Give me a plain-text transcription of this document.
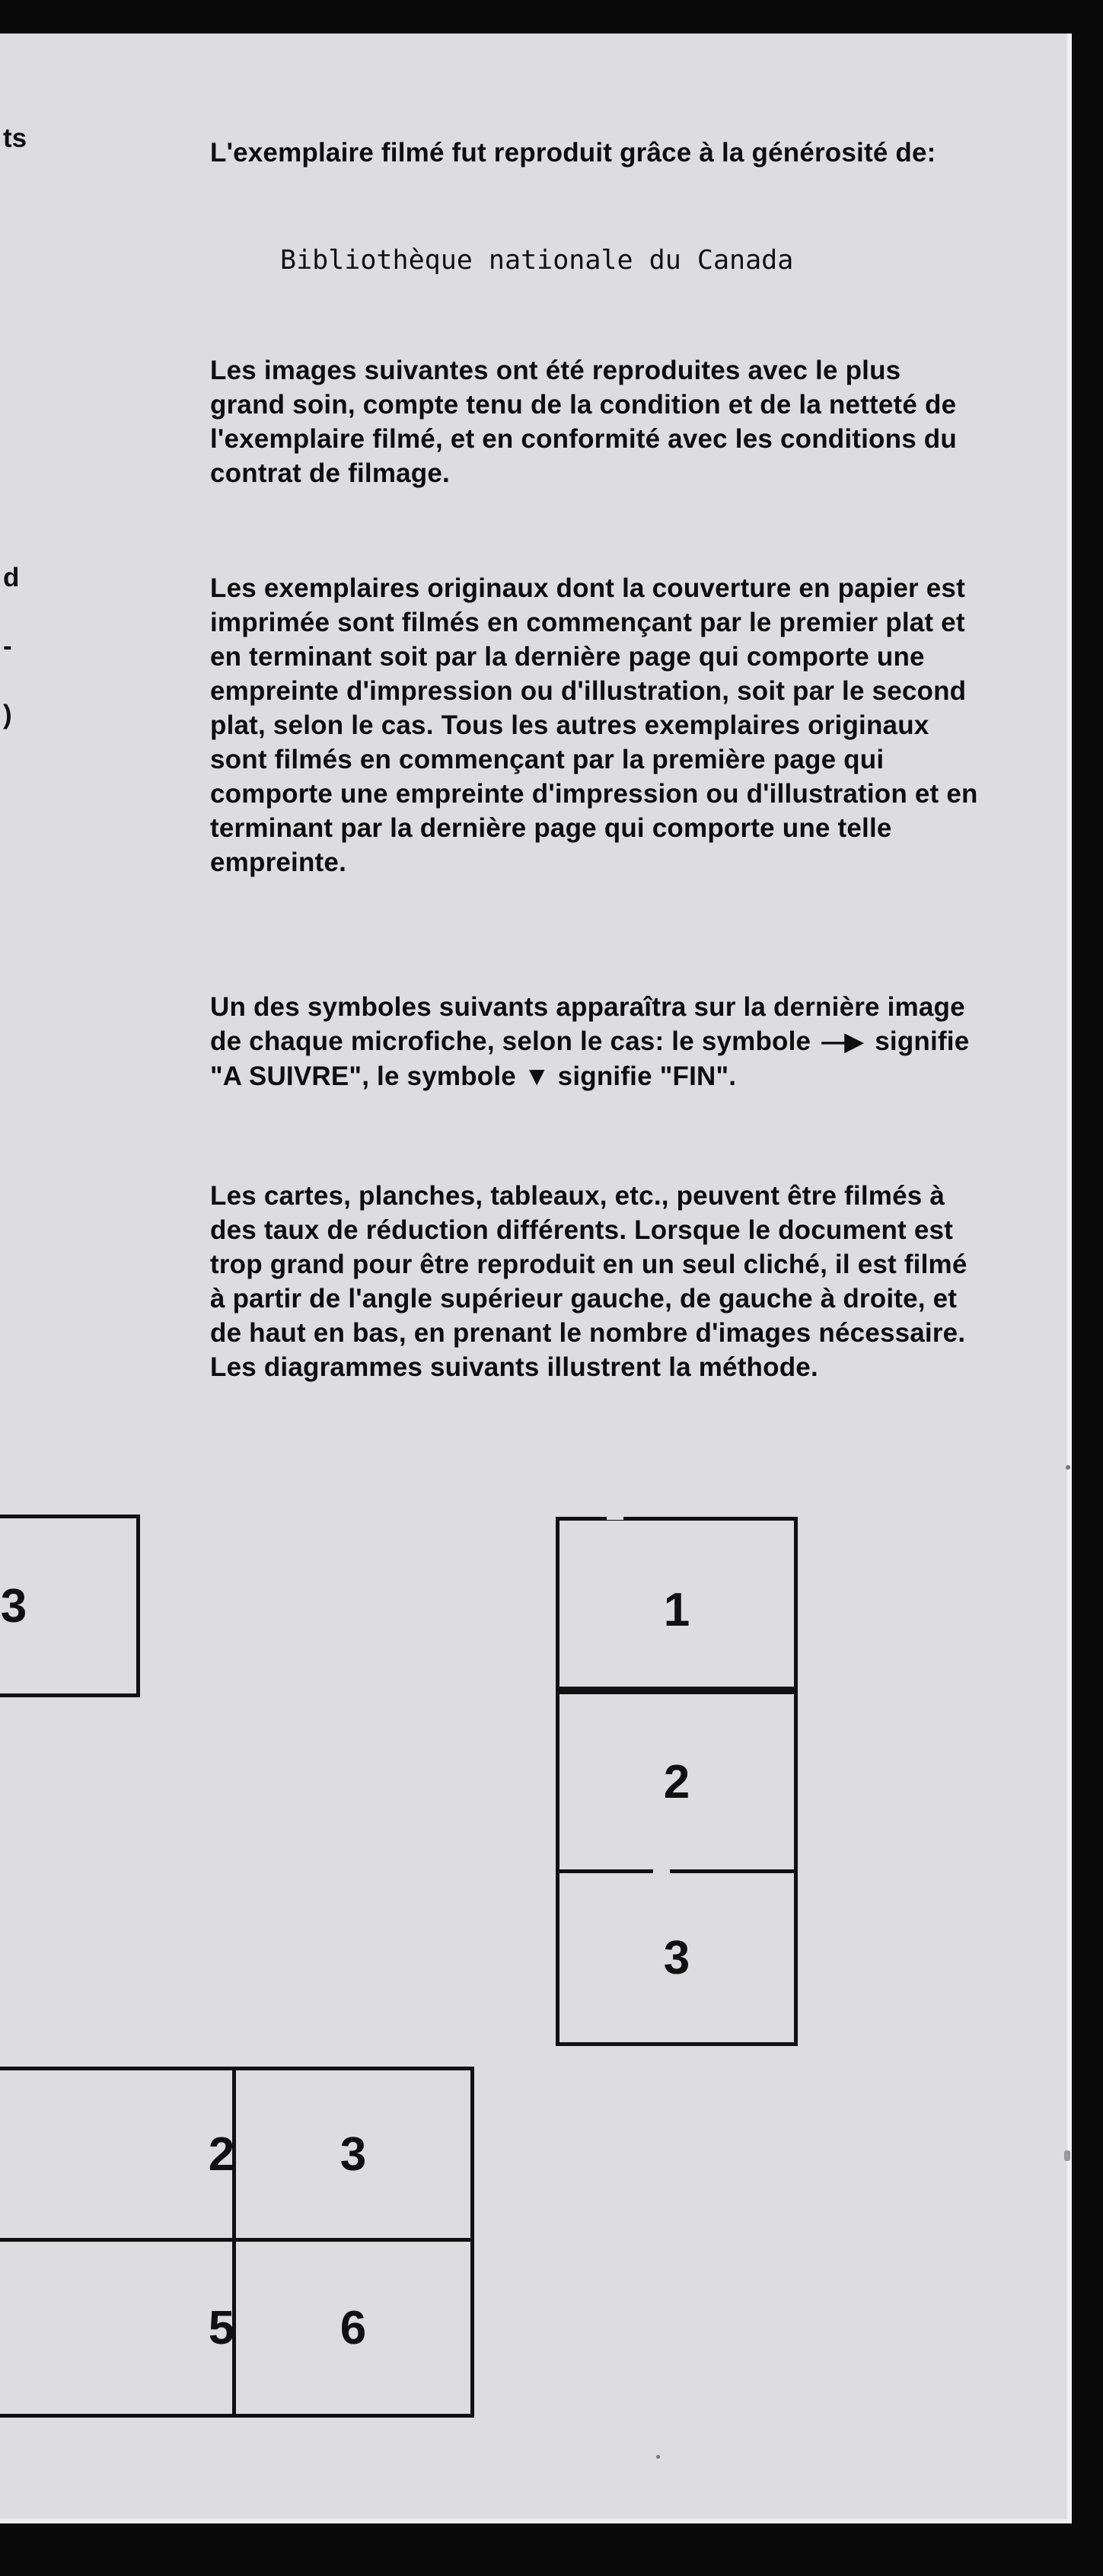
ts
d
-
)
L'exemplaire filmé fut reproduit grâce à la générosité de:
Bibliothèque nationale du Canada
Les images suivantes ont été reproduites avec le plus grand soin, compte tenu de la condition et de la netteté de l'exemplaire filmé, et en conformité avec les conditions du contrat de filmage.
Les exemplaires originaux dont la couverture en papier est imprimée sont filmés en commençant par le premier plat et en terminant soit par la dernière page qui comporte une empreinte d'impression ou d'illustration, soit par le second plat, selon le cas. Tous les autres exemplaires originaux sont filmés en commençant par la première page qui comporte une empreinte d'impression ou d'illustration et en terminant par la dernière page qui comporte une telle empreinte.
Un des symboles suivants apparaîtra sur la dernière image de chaque microfiche, selon le cas: le symbole —▶ signifie "A SUIVRE", le symbole ▼ signifie "FIN".
Les cartes, planches, tableaux, etc., peuvent être filmés à des taux de réduction différents. Lorsque le document est trop grand pour être reproduit en un seul cliché, il est filmé à partir de l'angle supérieur gauche, de gauche à droite, et de haut en bas, en prenant le nombre d'images nécessaire. Les diagrammes suivants illustrent la méthode.
3	1
2
3
2 3
5 6
